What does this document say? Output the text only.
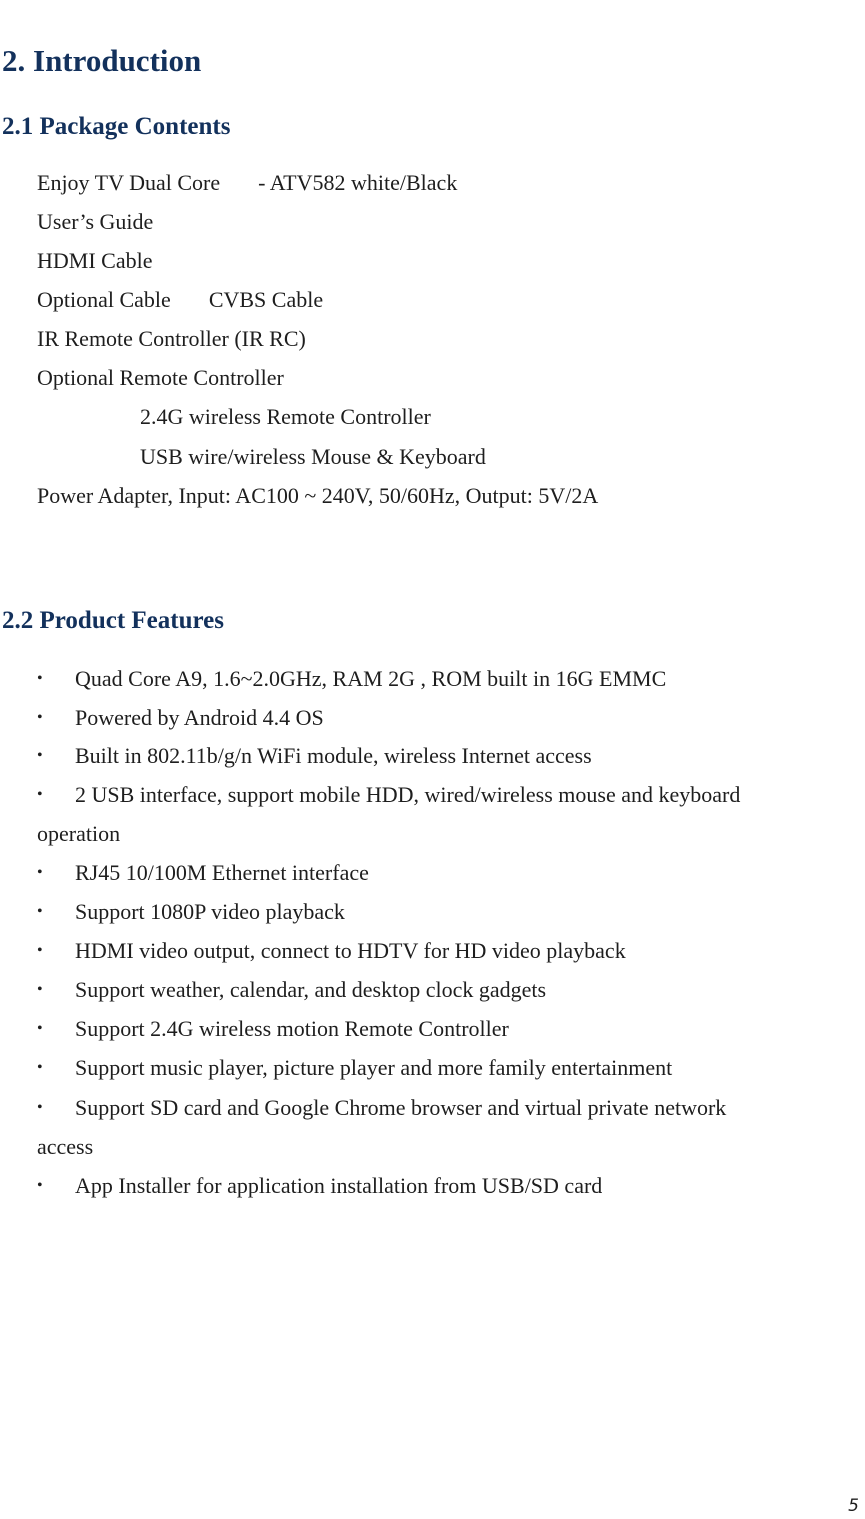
2. Introduction
2.1 Package Contents

Enjoy TV Dual Core - ATV582 white/Black

User’s Guide

HDMI Cable

Optional Cable CVBS Cable

IR Remote Controller (IR RC)

Optional Remote Controller

2.4G wireless Remote Controller

USB wire/wireless Mouse & Keyboard

Power Adapter, Input: AC100 ~ 240V, 50/60Hz, Output: 5V/2A

2.2 Product Features
• Quad Core A9, 1.6~2.0GHz, RAM 2G , ROM built in 16G EMMC

• Powered by Android 4.4 OS

• Built in 802.11b/g/n WiFi module, wireless Internet access

• 2 USB interface, support mobile HDD, wired/wireless mouse and keyboard

operation

• RJ45 10/100M Ethernet interface

• Support 1080P video playback

• HDMI video output, connect to HDTV for HD video playback

• Support weather, calendar, and desktop clock gadgets

• Support 2.4G wireless motion Remote Controller

• Support music player, picture player and more family entertainment

• Support SD card and Google Chrome browser and virtual private network

access

• App Installer for application installation from USB/SD card

5
